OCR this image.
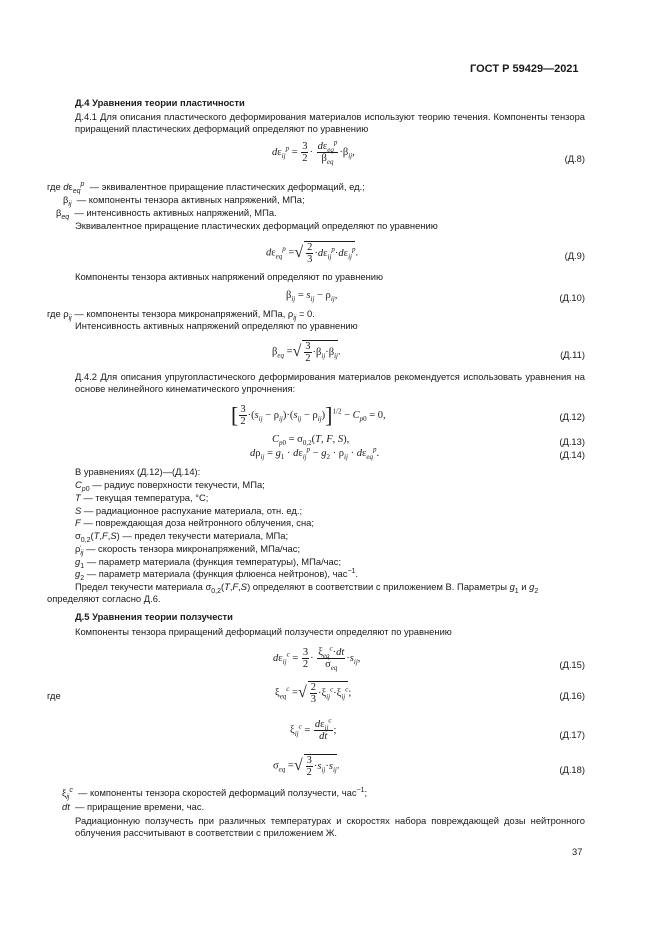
ГОСТ Р 59429—2021
Д.4 Уравнения теории пластичности
Д.4.1 Для описания пластического деформирования материалов используют теорию течения. Компоненты тензора приращений пластических деформаций определяют по уравнению
$d\varepsilon_{ij}^p = \frac{3}{2} \cdot \frac{d\varepsilon_{eq}^p}{\beta_{eq}} \cdot\beta_{ij}$,
(Д.8)
где $d\varepsilon_{eq}^p$ — эквивалентное приращение пластических деформаций, ед.;
$\beta_{ij}$ — компоненты тензора активных напряжений, МПа;
$\beta_{eq}$ — интенсивность активных напряжений, МПа.
Эквивалентное приращение пластических деформаций определяют по уравнению
$d\varepsilon_{eq}^p$ =√ $\frac{2}{3} \cdot d\varepsilon_{ij}^p\cdot d\varepsilon_{ij}^p$.	(Д.9)
Компоненты тензора активных напряжений определяют по уравнению
$\beta_{ij} = s_{ij} - \rho_{ij}$,	(Д.10)
где $\rho_{ij}$ — компоненты тензора микронапряжений, МПа, $\rho_{ij} = 0$.
Интенсивность активных напряжений определяют по уравнению
$\beta_{eq}$ =√ $\frac{3}{2} \cdot\beta_{ij}\cdot\beta_{ij}$.	(Д.11)
Д.4.2 Для описания упругопластического деформирования материалов рекомендуется использовать уравнения на основе нелинейного кинематического упрочнения:
[ $\frac{3}{2} \cdot(s_{ij} - \rho_{ij})\cdot(s_{ij} - \rho_{ij})]^{1/2} - C_{p0} = 0$,	(Д.12)
$C_{p0} = \sigma_{0,2}(T$, F, S),	(Д.13)
$d\rho_{ij} = g_1 \cdot d\varepsilon_{ij}^p - g_2 \cdot \rho_{ij} \cdot d\varepsilon_{eq}^p$.	(Д.14)
В уравнениях (Д.12)—(Д.14):
$C_{p0}$ — радиус поверхности текучести, МПа;
T — текущая температура, °С;
S — радиационное распухание материала, отн. ед.;
F — повреждающая доза нейтронного облучения, сна;
$\sigma_{0,2}(T,F,S)$ — предел текучести материала, МПа;
$\rhȯ_{ij}$ — скорость тензора микронапряжений, МПа/час;
$g_1$ — параметр материала (функция температуры), МПа/час;
$g_2$ — параметр материала (функция флюенса нейтронов), час$^{-1}$.
Предел текучести материала $\sigma_{0,2}(T,F,S)$ определяют в соответствии с приложением В. Параметры $g_1$ и $g_2$
определяют согласно Д.6.
Д.5 Уравнения теории ползучести
Компоненты тензора приращений деформаций ползучести определяют по уравнению
$d\varepsilon_{ij}^c = \frac{3}{2} \cdot \frac{\xi_{eq}^c\cdot dt}{\sigma_{eq}} \cdot s_{ij}$,
(Д.15)
где	$\xi_{eq}^c$ =√ $\frac{2}{3} \cdot\xi_{ij}^c\cdot\xi_{ij}^c$;	(Д.16)
$\xi_{ij}^c = \frac{d\varepsilon_{ij}^c}{dt}$ ;	(Д.17)
$\sigma_{eq}$ =√ $\frac{3}{2} \cdot s_{ij}\cdot s_{ij}$.	(Д.18)
$\xi_{ij}^c$ — компоненты тензора скоростей деформаций ползучести, час$^{-1}$;
dt — приращение времени, час.
Радиационную ползучесть при различных температурах и скоростях набора повреждающей дозы нейтронного облучения рассчитывают в соответствии с приложением Ж.
37
